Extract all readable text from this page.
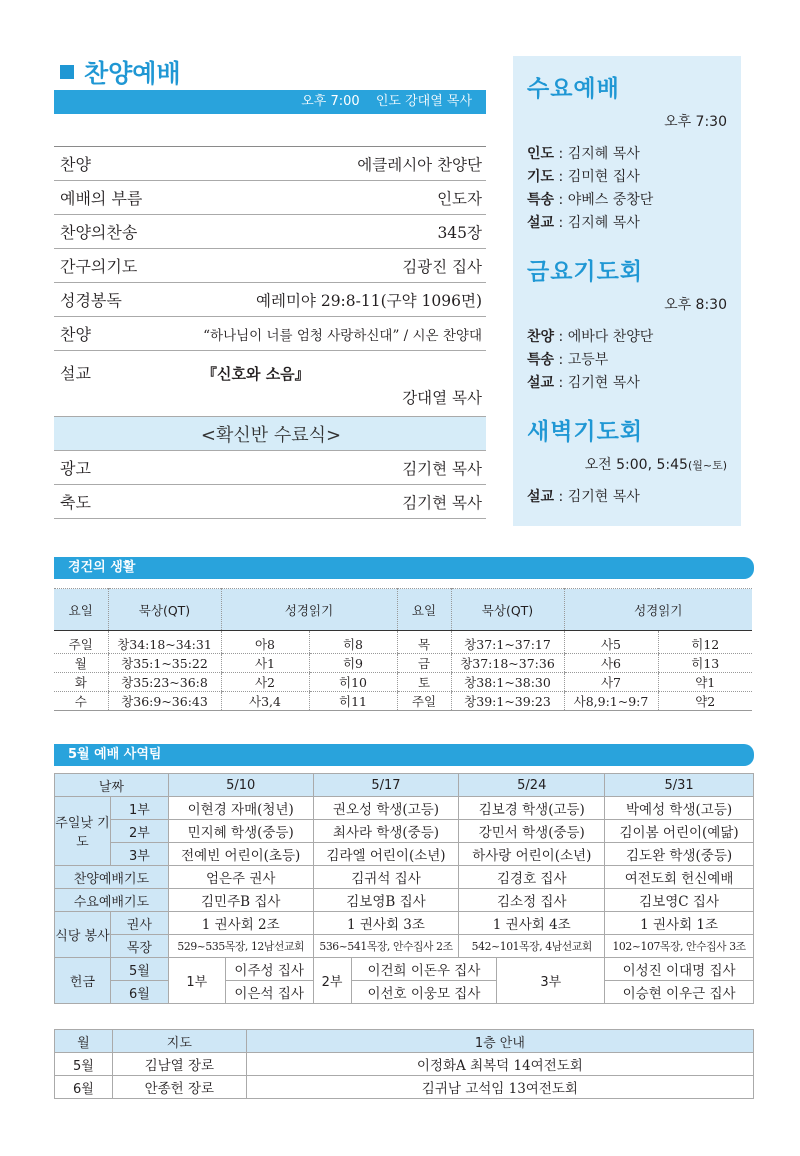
찬양예배
오후 7:00 인도 강대열 목사
찬양	에클레시아 찬양단
예배의 부름	인도자
찬양의찬송	345장
간구의기도	김광진 집사
성경봉독	예레미야 29:8-11(구약 1096면)
찬양	“하나님이 너를 엄청 사랑하신대” / 시온 찬양대
설교	『신호와 소음』
강대열 목사
<확신반 수료식>
광고	김기현 목사
축도	김기현 목사
수요예배
오후 7:30
인도 : 김지혜 목사
기도 : 김미현 집사
특송 : 야베스 중창단
설교 : 김지혜 목사
금요기도회
오후 8:30
찬양 : 에바다 찬양단
특송 : 고등부
설교 : 김기현 목사
새벽기도회
오전 5:00, 5:45(월~토)
설교 : 김기현 목사
경건의 생활
요일	묵상(QT)	성경읽기		요일	묵상(QT)	성경읽기	
주일	창34:18~34:31	아8	히8	목	창37:1~37:17	사5	히12
월	창35:1~35:22	사1	히9	금	창37:18~37:36	사6	히13
화	창35:23~36:8	사2	히10	토	창38:1~38:30	사7	약1
수	창36:9~36:43	사3,4	히11	주일	창39:1~39:23	사8,9:1~9:7	약2
5월 예배 사역팀
날짜		5/10		5/17		5/24		5/31
주일낮 기도	1부	이현경 자매(청년)		권오성 학생(고등)		김보경 학생(고등)		박예성 학생(고등)
	2부	민지혜 학생(중등)		최사라 학생(중등)		강민서 학생(중등)		김이봄 어린이(예닮)
	3부	전예빈 어린이(초등)		김라엘 어린이(소년)		하사랑 어린이(소년)		김도완 학생(중등)
찬양예배기도		엄은주 권사		김귀석 집사		김경호 집사		여전도회 헌신예배
수요예배기도		김민주B 집사		김보영B 집사		김소정 집사		김보영C 집사
식당 봉사	권사	1 권사회 2조		1 권사회 3조		1 권사회 4조		1 권사회 1조
	목장	529~535목장, 12남선교회		536~541목장, 안수집사 2조		542~101목장, 4남선교회		102~107목장, 안수집사 3조
헌금	5월	1부	이주성 집사	2부	이건희 이돈우 집사		3부	이성진 이대명 집사
	6월		이은석 집사		이선호 이웅모 집사			이승현 이우근 집사
월	지도	1층 안내
5월	김남열 장로	이정화A 최복덕 14여전도회
6월	안종헌 장로	김귀남 고석임 13여전도회
